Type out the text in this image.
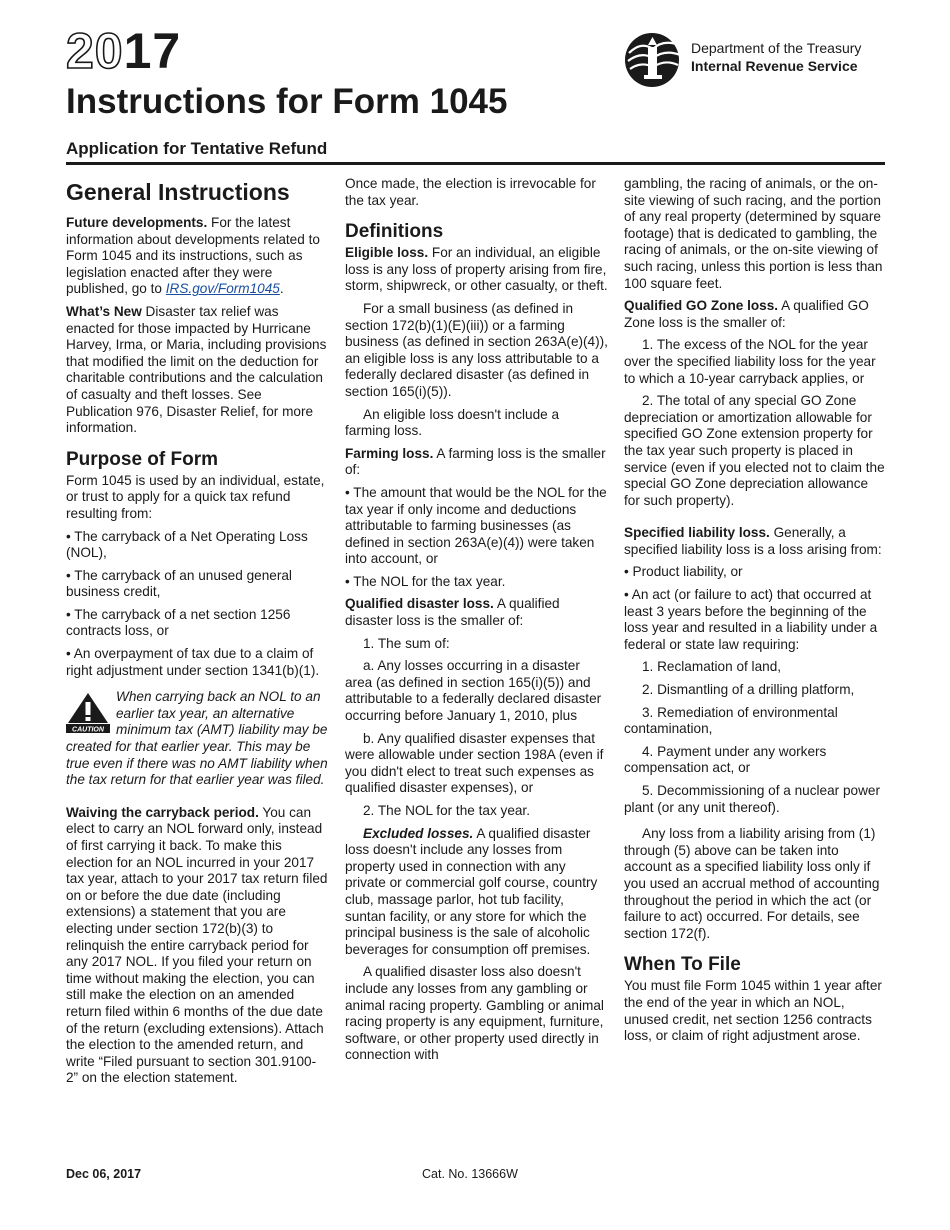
2017
Instructions for Form 1045
Application for Tentative Refund
Department of the Treasury
Internal Revenue Service
General Instructions

Future developments. For the latest information about developments related to Form 1045 and its instructions, such as legislation enacted after they were published, go to IRS.gov/Form1045.

What’s New Disaster tax relief was enacted for those impacted by Hurricane Harvey, Irma, or Maria, including provisions that modified the limit on the deduction for charitable contributions and the calculation of casualty and theft losses. See Publication 976, Disaster Relief, for more information.

Purpose of Form

Form 1045 is used by an individual, estate, or trust to apply for a quick tax refund resulting from:

• The carryback of a Net Operating Loss (NOL),

• The carryback of an unused general business credit,

• The carryback of a net section 1256 contracts loss, or

• An overpayment of tax due to a claim of right adjustment under section 1341(b)(1).

CAUTION
When carrying back an NOL to an earlier tax year, an alternative minimum tax (AMT) liability may be created for that earlier year. This may be true even if there was no AMT liability when the tax return for that earlier year was filed.

Waiving the carryback period. You can elect to carry an NOL forward only, instead of first carrying it back. To make this election for an NOL incurred in your 2017 tax year, attach to your 2017 tax return filed on or before the due date (including extensions) a statement that you are electing under section 172(b)(3) to relinquish the entire carryback period for any 2017 NOL. If you filed your return on time without making the election, you can still make the election on an amended return filed within 6 months of the due date of the return (excluding extensions). Attach the election to the amended return, and write “Filed pursuant to section 301.9100-2” on the election statement.

Once made, the election is irrevocable for the tax year.

Definitions

Eligible loss. For an individual, an eligible loss is any loss of property arising from fire, storm, shipwreck, or other casualty, or theft.

For a small business (as defined in section 172(b)(1)(E)(iii)) or a farming business (as defined in section 263A(e)(4)), an eligible loss is any loss attributable to a federally declared disaster (as defined in section 165(i)(5)).

An eligible loss doesn't include a farming loss.

Farming loss. A farming loss is the smaller of:

• The amount that would be the NOL for the tax year if only income and deductions attributable to farming businesses (as defined in section 263A(e)(4)) were taken into account, or

• The NOL for the tax year.

Qualified disaster loss. A qualified disaster loss is the smaller of:

1. The sum of:

a. Any losses occurring in a disaster area (as defined in section 165(i)(5)) and attributable to a federally declared disaster occurring before January 1, 2010, plus

b. Any qualified disaster expenses that were allowable under section 198A (even if you didn't elect to treat such expenses as qualified disaster expenses), or

2. The NOL for the tax year.

Excluded losses. A qualified disaster loss doesn't include any losses from property used in connection with any private or commercial golf course, country club, massage parlor, hot tub facility, suntan facility, or any store for which the principal business is the sale of alcoholic beverages for consumption off premises.

A qualified disaster loss also doesn't include any losses from any gambling or animal racing property. Gambling or animal racing property is any equipment, furniture, software, or other property used directly in connection with

gambling, the racing of animals, or the on-site viewing of such racing, and the portion of any real property (determined by square footage) that is dedicated to gambling, the racing of animals, or the on-site viewing of such racing, unless this portion is less than 100 square feet.

Qualified GO Zone loss. A qualified GO Zone loss is the smaller of:

1. The excess of the NOL for the year over the specified liability loss for the year to which a 10-year carryback applies, or

2. The total of any special GO Zone depreciation or amortization allowable for specified GO Zone extension property for the tax year such property is placed in service (even if you elected not to claim the special GO Zone depreciation allowance for such property).

Specified liability loss. Generally, a specified liability loss is a loss arising from:

• Product liability, or

• An act (or failure to act) that occurred at least 3 years before the beginning of the loss year and resulted in a liability under a federal or state law requiring:

1. Reclamation of land,

2. Dismantling of a drilling platform,

3. Remediation of environmental contamination,

4. Payment under any workers compensation act, or

5. Decommissioning of a nuclear power plant (or any unit thereof).

Any loss from a liability arising from (1) through (5) above can be taken into account as a specified liability loss only if you used an accrual method of accounting throughout the period in which the act (or failure to act) occurred. For details, see section 172(f).

When To File

You must file Form 1045 within 1 year after the end of the year in which an NOL, unused credit, net section 1256 contracts loss, or claim of right adjustment arose.

Dec 06, 2017	Cat. No. 13666W
